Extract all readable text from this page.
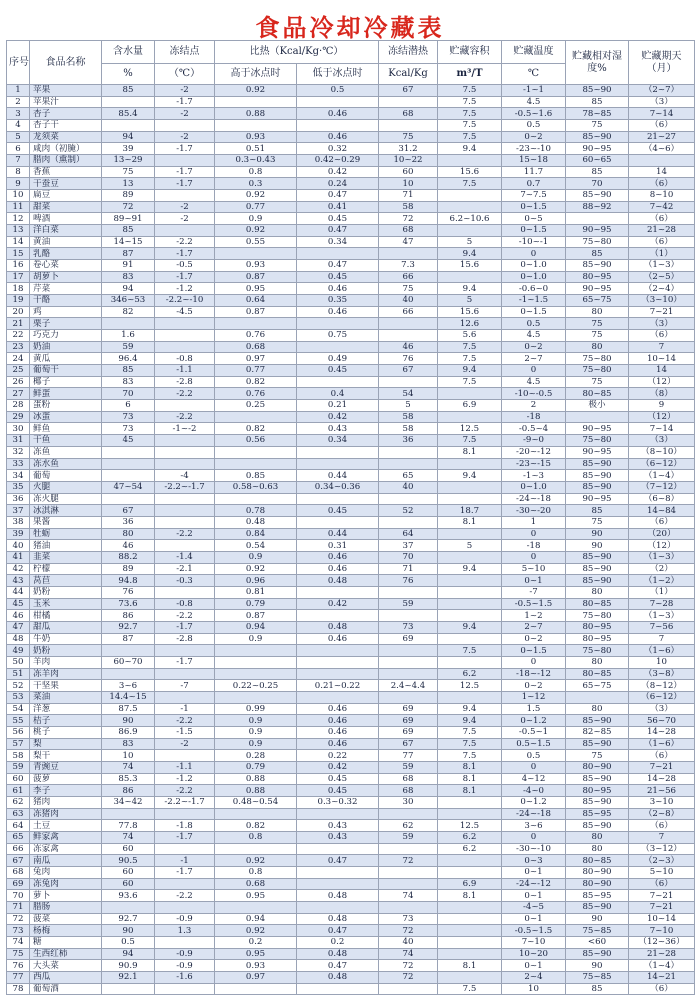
食品冷却冷藏表
序号	食品名称	含水量	冻结点	比热（Kcal/Kg·℃）		冻结潜热	贮藏容积	贮藏温度	贮藏相对湿度%	贮藏期天（月）
		%	（℃）	高于冰点时	低于冰点时	Kcal/Kg	m³/T	℃		
1	苹果	85	-2	0.92	0.5	67	7.5	-1~1	85~90	（2~7）
2	苹果汁		-1.7				7.5	4.5	85	（3）
3	杏子	85.4	-2	0.88	0.46	68	7.5	-0.5~1.6	78~85	7~14
4	杏子干						7.5	0.5	75	（6）
5	龙须菜	94	-2	0.93	0.46	75	7.5	0~2	85~90	21~27
6	咸肉（初腌）	39	-1.7	0.51	0.32	31.2	9.4	-23~-10	90~95	（4~6）
7	腊肉（熏制）	13~29		0.3~0.43	0.42~0.29	10~22		15~18	60~65	
8	香蕉	75	-1.7	0.8	0.42	60	15.6	11.7	85	14
9	干蚕豆	13	-1.7	0.3	0.24	10	7.5	0.7	70	（6）
10	扁豆	89		0.92	0.47	71		7~7.5	85~90	8~10
11	甜菜	72	-2	0.77	0.41	58		0~1.5	88~92	7~42
12	啤酒	89~91	-2	0.9	0.45	72	6.2~10.6	0~5		（6）
13	洋白菜	85		0.92	0.47	68		0~1.5	90~95	21~28
14	黄油	14~15	-2.2	0.55	0.34	47	5	-10~-1	75~80	（6）
15	乳酪	87	-1.7				9.4	0	85	（1）
16	卷心菜	91	-0.5	0.93	0.47	7.3	15.6	0~1.0	85~90	（1~3）
17	胡萝卜	83	-1.7	0.87	0.45	66		0~1.0	80~95	（2~5）
18	芹菜	94	-1.2	0.95	0.46	75	9.4	-0.6~0	90~95	（2~4）
19	干酪	346~53	-2.2~-10	0.64	0.35	40	5	-1~1.5	65~75	（3~10）
20	鸡	82	-4.5	0.87	0.46	66	15.6	0~1.5	80	7~21
21	栗子						12.6	0.5	75	（3）
22	巧克力	1.6		0.76	0.75		5.6	4.5	75	（6）
23	奶油	59		0.68		46	7.5	0~2	80	7
24	黄瓜	96.4	-0.8	0.97	0.49	76	7.5	2~7	75~80	10~14
25	葡萄干	85	-1.1	0.77	0.45	67	9.4	0	75~80	14
26	椰子	83	-2.8	0.82			7.5	4.5	75	（12）
27	鲜蛋	70	-2.2	0.76	0.4	54		-10~-0.5	80~85	（8）
28	蛋粉	6		0.25	0.21	5	6.9	2	极小	9
29	冰蛋	73	-2.2		0.42	58		-18		（12）
30	鲜鱼	73	-1~-2	0.82	0.43	58	12.5	-0.5~4	90~95	7~14
31	干鱼	45		0.56	0.34	36	7.5	-9~0	75~80	（3）
32	冻鱼						8.1	-20~-12	90~95	（8~10）
33	冻水鱼							-23~-15	85~90	（6~12）
34	葡萄		-4	0.85	0.44	65	9.4	-1~3	85~90	（1~4）
35	火腿	47~54	-2.2~-1.7	0.58~0.63	0.34~0.36	40		0~1.0	85~90	（7~12）
36	冻火腿							-24~-18	90~95	（6~8）
37	冰淇淋	67		0.78	0.45	52	18.7	-30~-20	85	14~84
38	果酱	36		0.48			8.1	1	75	（6）
39	牡蛎	80	-2.2	0.84	0.44	64		0	90	（20）
40	猪油	46		0.54	0.31	37	5	-18	90	（12）
41	韭菜	88.2	-1.4	0.9	0.46	70		0	85~90	（1~3）
42	柠檬	89	-2.1	0.92	0.46	71	9.4	5~10	85~90	（2）
43	莴苣	94.8	-0.3	0.96	0.48	76		0~1	85~90	（1~2）
44	奶粉	76		0.81				-7	80	（1）
45	玉米	73.6	-0.8	0.79	0.42	59		-0.5~1.5	80~85	7~28
46	柑橘	86	-2.2	0.87				1~2	75~80	（1~3）
47	甜瓜	92.7	-1.7	0.94	0.48	73	9.4	2~7	80~95	7~56
48	牛奶	87	-2.8	0.9	0.46	69		0~2	80~95	7
49	奶粉						7.5	0~1.5	75~80	（1~6）
50	羊肉	60~70	-1.7					0	80	10
51	冻羊肉						6.2	-18~-12	80~85	（3~8）
52	干坚果	3~6	-7	0.22~0.25	0.21~0.22	2.4~4.4	12.5	0~2	65~75	（8~12）
53	菜油	14.4~15						1~12		（6~12）
54	洋葱	87.5	-1	0.99	0.46	69	9.4	1.5	80	（3）
55	桔子	90	-2.2	0.9	0.46	69	9.4	0~1.2	85~90	56~70
56	桃子	86.9	-1.5	0.9	0.46	69	7.5	-0.5~1	82~85	14~28
57	梨	83	-2	0.9	0.46	67	7.5	0.5~1.5	85~90	（1~6）
58	梨干	10		0.28	0.22	77	7.5	0.5	75	（6）
59	青豌豆	74	-1.1	0.79	0.42	59	8.1	0	80~90	7~21
60	菠萝	85.3	-1.2	0.88	0.45	68	8.1	4~12	85~90	14~28
61	李子	86	-2.2	0.88	0.45	68	8.1	-4~0	80~95	21~56
62	猪肉	34~42	-2.2~-1.7	0.48~0.54	0.3~0.32	30		0~1.2	85~90	3~10
63	冻猪肉							-24~-18	85~95	（2~8）
64	土豆	77.8	-1.8	0.82	0.43	62	12.5	3~6	85~90	（6）
65	鲜家禽	74	-1.7	0.8	0.43	59	6.2	0	80	7
66	冻家禽	60					6.2	-30~-10	80	（3~12）
67	南瓜	90.5	-1	0.92	0.47	72		0~3	80~85	（2~3）
68	兔肉	60	-1.7	0.8				0~1	80~90	5~10
69	冻兔肉	60		0.68			6.9	-24~-12	80~90	（6）
70	萝卜	93.6	-2.2	0.95	0.48	74	8.1	0~1	85~95	7~21
71	腊肠							-4~5	85~90	7~21
72	菠菜	92.7	-0.9	0.94	0.48	73		0~1	90	10~14
73	杨梅	90	1.3	0.92	0.47	72		-0.5~1.5	75~85	7~10
74	糖	0.5		0.2	0.2	40		7~10	<60	（12~36）
75	生西红柿	94	-0.9	0.95	0.48	74		10~20	85~90	21~28
76	大头菜	90.9	-0.9	0.93	0.47	72	8.1	0~1	90	（1~4）
77	西瓜	92.1	-1.6	0.97	0.48	72		2~4	75~85	14~21
78	葡萄酒						7.5	10	85	（6）
